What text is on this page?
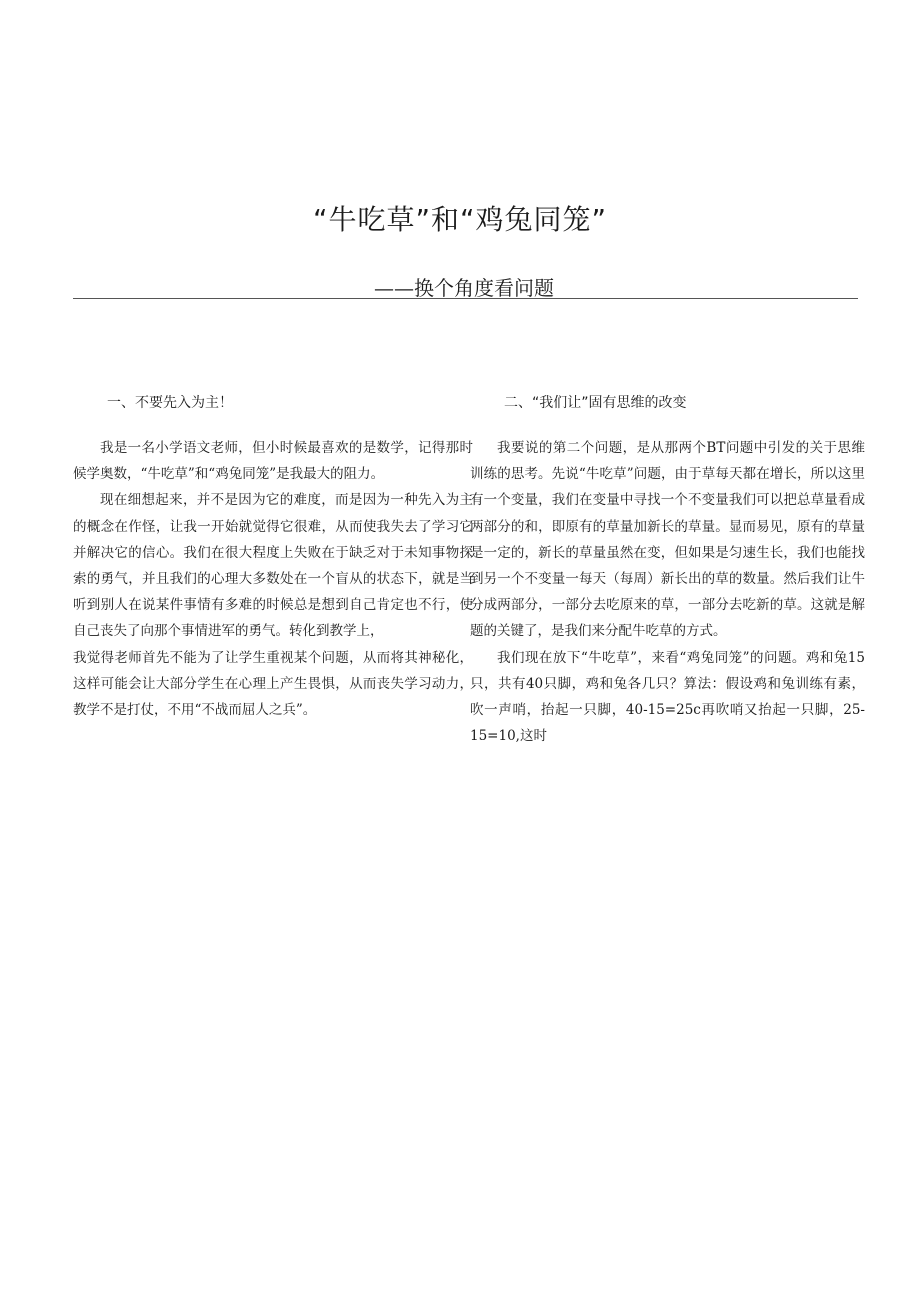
“牛吃草”和“鸡兔同笼”
——换个角度看问题
一、不要先入为主！

我是一名小学语文老师，但小时候最喜欢的是数学，记得那时候学奥数，“牛吃草”和“鸡兔同笼”是我最大的阻力。

现在细想起来，并不是因为它的难度，而是因为一种先入为主的概念在作怪，让我一开始就觉得它很难，从而使我失去了学习它并解决它的信心。我们在很大程度上失败在于缺乏对于未知事物探索的勇气，并且我们的心理大多数处在一个盲从的状态下，就是当听到别人在说某件事情有多难的时候总是想到自己肯定也不行，使自己丧失了向那个事情进军的勇气。转化到教学上，

我觉得老师首先不能为了让学生重视某个问题，从而将其神秘化，这样可能会让大部分学生在心理上产生畏惧，从而丧失学习动力，教学不是打仗，不用“不战而屈人之兵”。

二、“我们让”固有思维的改变

我要说的第二个问题，是从那两个BT问题中引发的关于思维训练的思考。先说“牛吃草”问题，由于草每天都在增长，所以这里有一个变量，我们在变量中寻找一个不变量我们可以把总草量看成两部分的和，即原有的草量加新长的草量。显而易见，原有的草量是一定的，新长的草量虽然在变，但如果是匀速生长，我们也能找到另一个不变量一每天（每周）新长出的草的数量。然后我们让牛分成两部分，一部分去吃原来的草，一部分去吃新的草。这就是解题的关键了，是我们来分配牛吃草的方式。

我们现在放下“牛吃草”，来看“鸡兔同笼”的问题。鸡和兔15只，共有40只脚，鸡和兔各几只？算法：假设鸡和兔训练有素，吹一声哨，抬起一只脚，40-15=25c再吹哨又抬起一只脚，25-15=10,这时
